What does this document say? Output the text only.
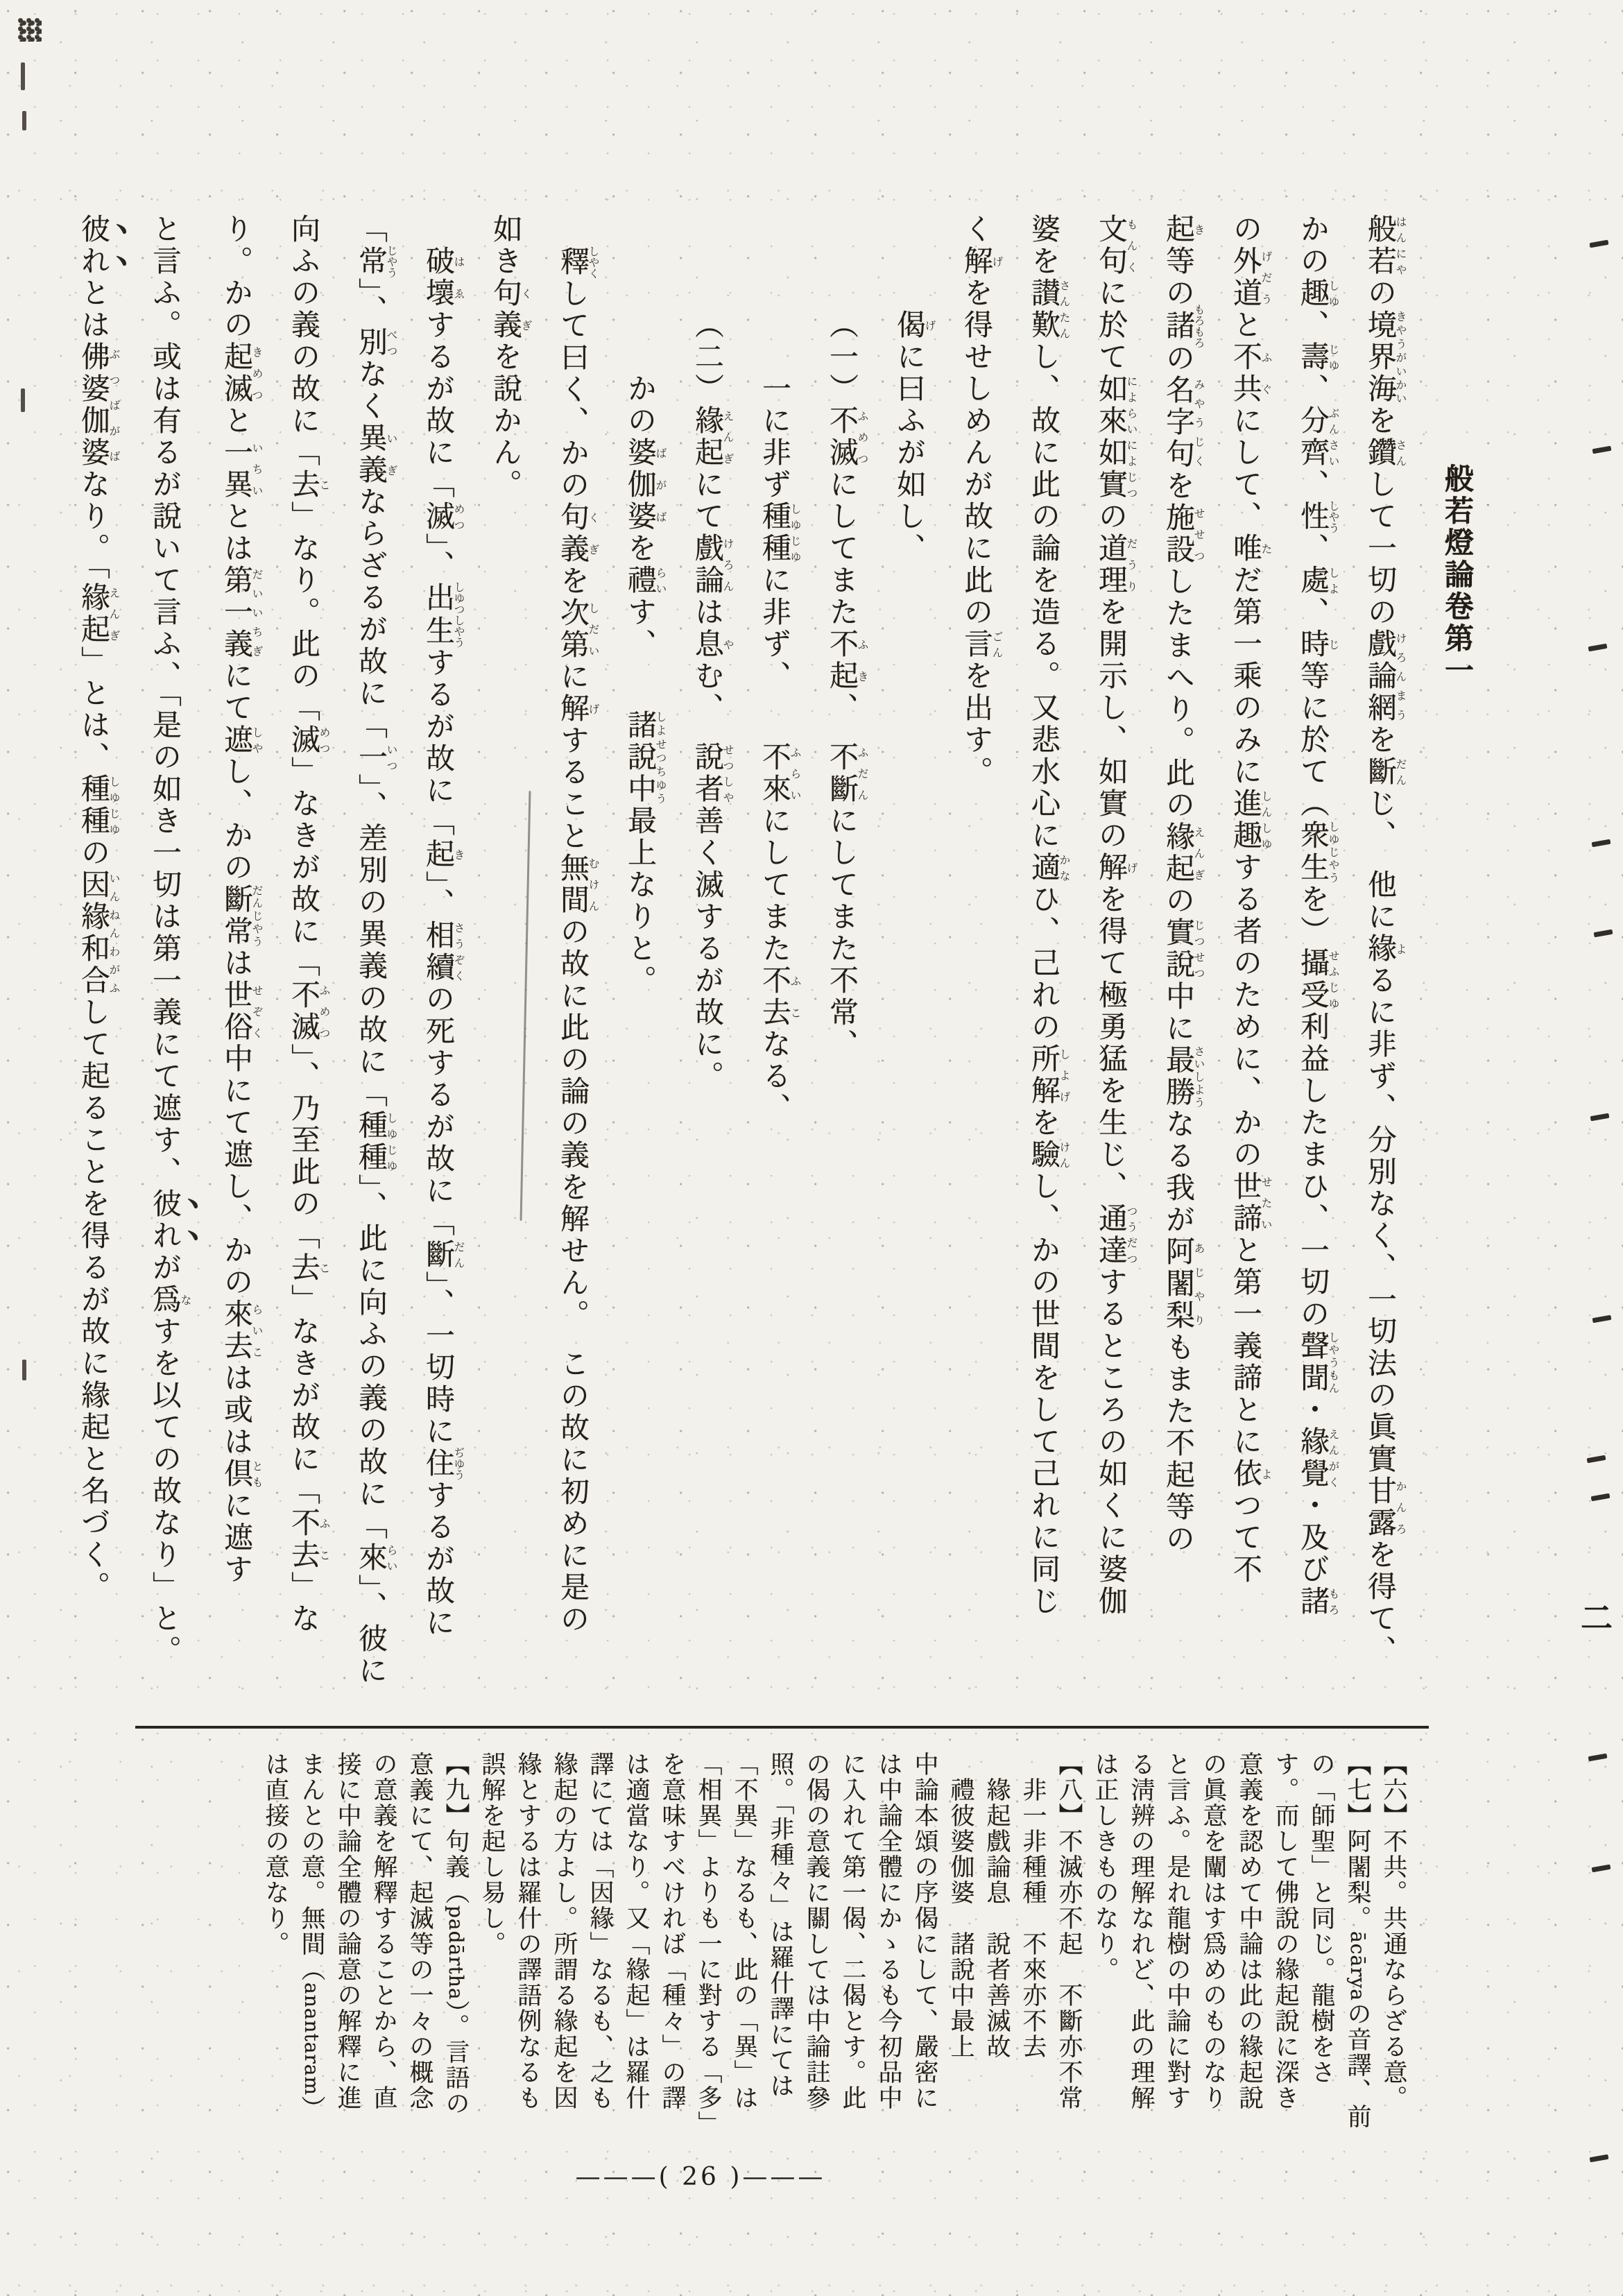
般若燈論卷第一

般若はんにやの境界海きやうがいかいを鑽さんして一切の戲論網けろんまうを斷だんじ、　他に緣よるに非ず、分別なく、一切法の眞實甘露かんろを得て、

かの趣しゆ、壽じゆ、分齊ぶんさい、性しやう、處しよ、時じ等に於て（衆生しゆじやうを）攝受せふじゆ利益したまひ、一切の聲聞しやうもん・緣覺えんがく・及び諸もろ

の外道げだうと不共ふぐにして、唯ただ第一乘のみに進趣しんしゆする者のために、かの世諦せたいと第一義諦とに依よつて不

起き等の諸もろもろの名字句みやうじくを施設せせつしたまへり。此の緣起えんぎの實說じつせつ中に最勝さいしようなる我が阿闍梨あじやりもまた不起等の

文句もんくに於て如來如實によらいによじつの道理だうりを開示し、如實の解げを得て極勇猛を生じ、通達つうだつするところの如くに婆伽

婆を讃歎さんたんし、故に此の論を造る。又悲水心に適かなひ、己れの所解しよげを驗けんし、かの世間をして己れに同じ

く解げを得せしめんが故に此の言ごんを出す。

偈げに曰ふが如し、

（一）不滅ふめつにしてまた不起ふき、　不斷ふだんにしてまた不常、

一に非ず種種しゆじゆに非ず、　　不來ふらいにしてまた不去ふこなる、

（二）緣起えんぎにて戲論けろんは息やむ、　說者せつしや善く滅するが故に。

かの婆伽婆ばがばを禮らいす、　　諸說中しよせつちゆう最上なりと。

釋しやくして曰く、かの句義くぎを次第しだいに解げすること無間むけんの故に此の論の義を解せん。　この故に初めに是の

如き句義くぎを說かん。

破壞はゑするが故に「滅めつ」、出生しゆつしやうするが故に「起き」、相續さうぞくの死するが故に「斷だん」、一切時に住ぢゆうするが故に

「常じやう」、別べつなく異義いぎならざるが故に「一いつ」、差別の異義の故に「種種しゆじゆ」、此に向ふの義の故に「來らい」、彼に

向ふの義の故に「去こ」なり。此の「滅めつ」なきが故に「不滅ふめつ」、乃至此の「去こ」なきが故に「不去ふこ」な

り。かの起滅きめつと一異いちいとは第一義だいいちぎにて遮しやし、かの斷常だんじやうは世俗せぞく中にて遮し、かの來去らいこは或は倶ともに遮す

と言ふ。或は有るが說いて言ふ、「是の如き一切は第一義にて遮す、彼れが爲なすを以ての故なり」と。

彼れとは佛婆伽婆ぶつばがばなり。「緣起えんぎ」とは、種種しゆじゆの因緣和合いんねんわがふして起ることを得るが故に緣起と名づく。

【六】不共。共通ならざる意。

【七】阿闍梨。ācāryaの音譯、前の「師聖」と同じ。龍樹をさす。而して佛說の緣起說に深き意義を認めて中論は此の緣起說の眞意を闡はす爲めのものなりと言ふ。是れ龍樹の中論に對する淸辨の理解なれど、此の理解は正しきものなり。

【八】不滅亦不起　不斷亦不常
　非一非種種　不來亦不去
　緣起戲論息　說者善滅故
　禮彼婆伽婆　諸說中最上
中論本頌の序偈にして、嚴密には中論全體にかゝるも今初品中に入れて第一偈、二偈とす。此の偈の意義に關しては中論註參照。「非種々」は羅什譯にては「不異」なるも、此の「異」は「相異」よりも一に對する「多」を意味すべければ「種々」の譯は適當なり。又「緣起」は羅什譯にては「因緣」なるも、之も緣起の方よし。所謂る緣起を因緣とするは羅什の譯語例なるも誤解を起し易し。

【九】句義（padārtha）。言語の意義にて、起滅等の一々の概念の意義を解釋することから、直接に中論全體の論意の解釋に進まんとの意。無間（anantaram）は直接の意なり。

二
———( 26 )———
